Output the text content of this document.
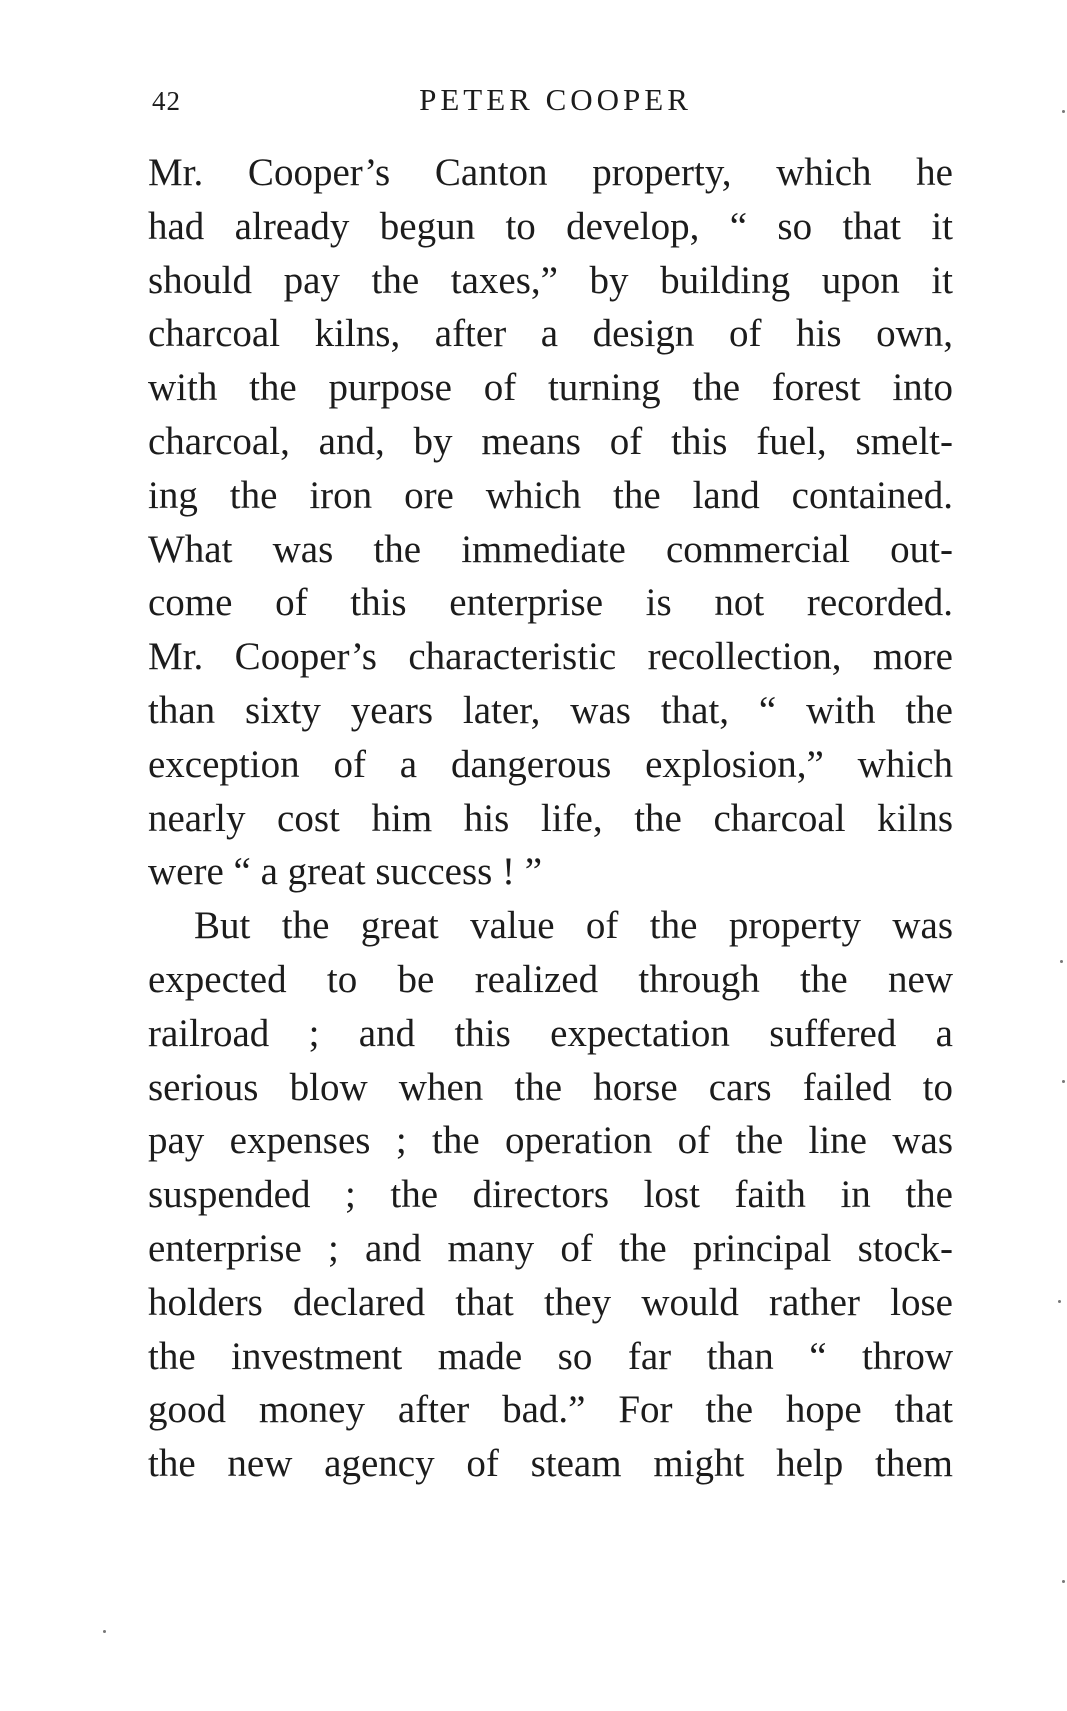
42	PETER COOPER
Mr. Cooper’s Canton property, which he
had already begun to develop, “ so that it
should pay the taxes,” by building upon it
charcoal kilns, after a design of his own,
with the purpose of turning the forest into
charcoal, and, by means of this fuel, smelt-
ing the iron ore which the land contained.
What was the immediate commercial out-
come of this enterprise is not recorded.
Mr. Cooper’s characteristic recollection, more
than sixty years later, was that, “ with the
exception of a dangerous explosion,” which
nearly cost him his life, the charcoal kilns
were “ a great success ! ”
But the great value of the property was
expected to be realized through the new
railroad ; and this expectation suffered a
serious blow when the horse cars failed to
pay expenses ; the operation of the line was
suspended ; the directors lost faith in the
enterprise ; and many of the principal stock-
holders declared that they would rather lose
the investment made so far than “ throw
good money after bad.” For the hope that
the new agency of steam might help them
